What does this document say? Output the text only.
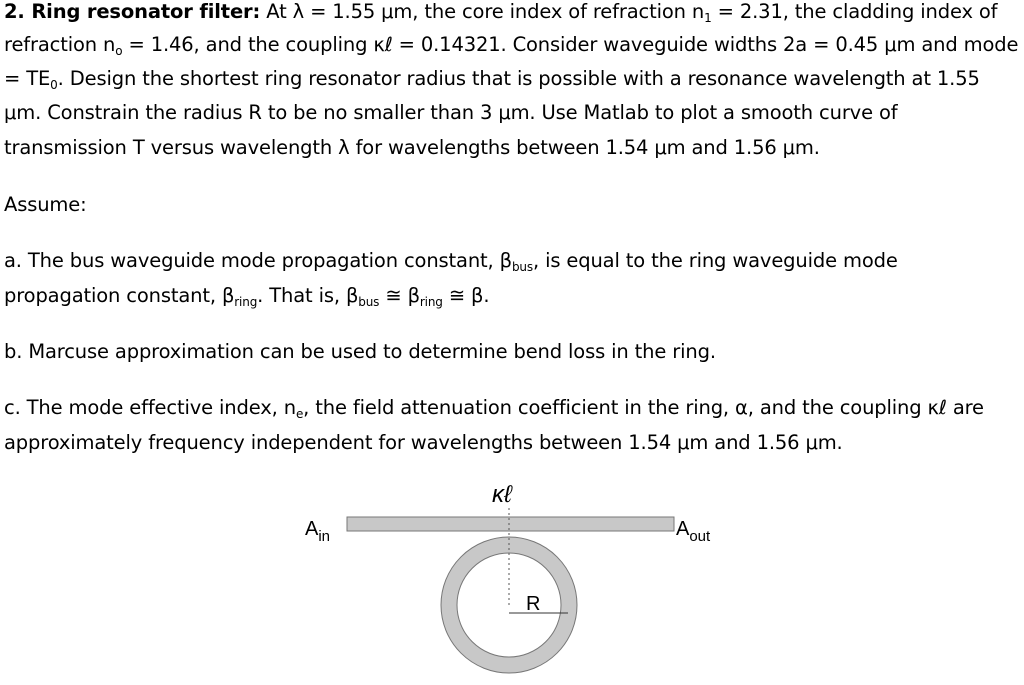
2. Ring resonator filter: At λ = 1.55 μm, the core index of refraction $n_1 = 2.31$, the cladding index of
refraction $n_o = 1.46$, and the coupling κℓ = 0.14321. Consider waveguide widths 2a = 0.45 μm and mode
= $TE_0$. Design the shortest ring resonator radius that is possible with a resonance wavelength at 1.55
μm. Constrain the radius R to be no smaller than 3 μm. Use Matlab to plot a smooth curve of
transmission T versus wavelength λ for wavelengths between 1.54 μm and 1.56 μm.
Assume:
a. The bus waveguide mode propagation constant, $\beta_{bus}$, is equal to the ring waveguide mode
propagation constant, $\beta_{ring}$. That is, $\beta_{bus}$ ≅ $\beta_{ring}$ ≅ β.
b. Marcuse approximation can be used to determine bend loss in the ring.
c. The mode effective index, $n_e$, the field attenuation coefficient in the ring, α, and the coupling κℓ are
approximately frequency independent for wavelengths between 1.54 μm and 1.56 μm.
κℓ
$A_{in}$	$A_{out}$
R
